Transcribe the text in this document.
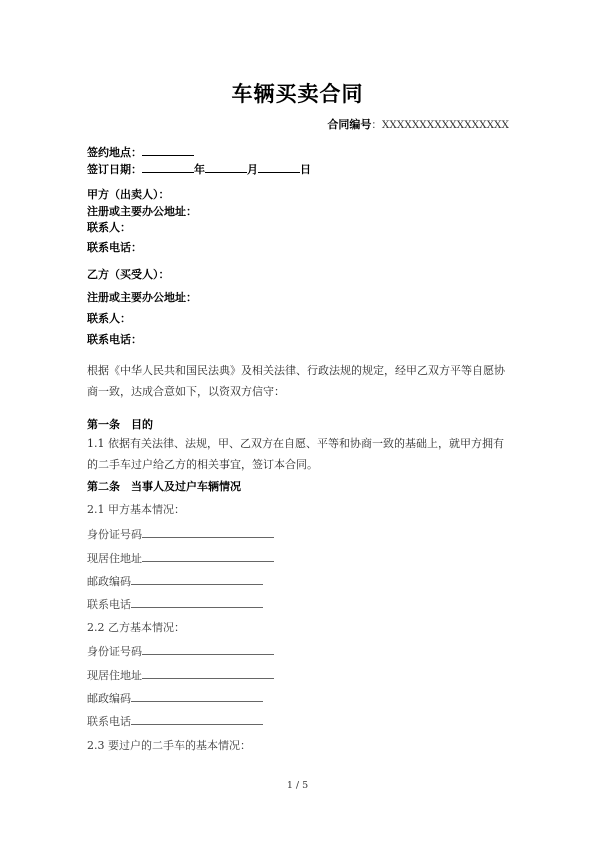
车辆买卖合同
合同编号：XXXXXXXXXXXXXXXXX
签约地点：
签订日期：	年	月	日
甲方（出卖人）：
注册或主要办公地址：
联系人：
联系电话：
乙方（买受人）：
注册或主要办公地址：
联系人：
联系电话：
根据《中华人民共和国民法典》及相关法律、行政法规的规定，经甲乙双方平等自愿协商一致，达成合意如下，以资双方信守：
第一条　目的
1.1 依据有关法律、法规，甲、乙双方在自愿、平等和协商一致的基础上，就甲方拥有的二手车过户给乙方的相关事宜，签订本合同。
第二条　当事人及过户车辆情况
2.1 甲方基本情况：
身份证号码
现居住地址
邮政编码
联系电话
2.2 乙方基本情况：
身份证号码
现居住地址
邮政编码
联系电话
2.3 要过户的二手车的基本情况：
1 / 5
